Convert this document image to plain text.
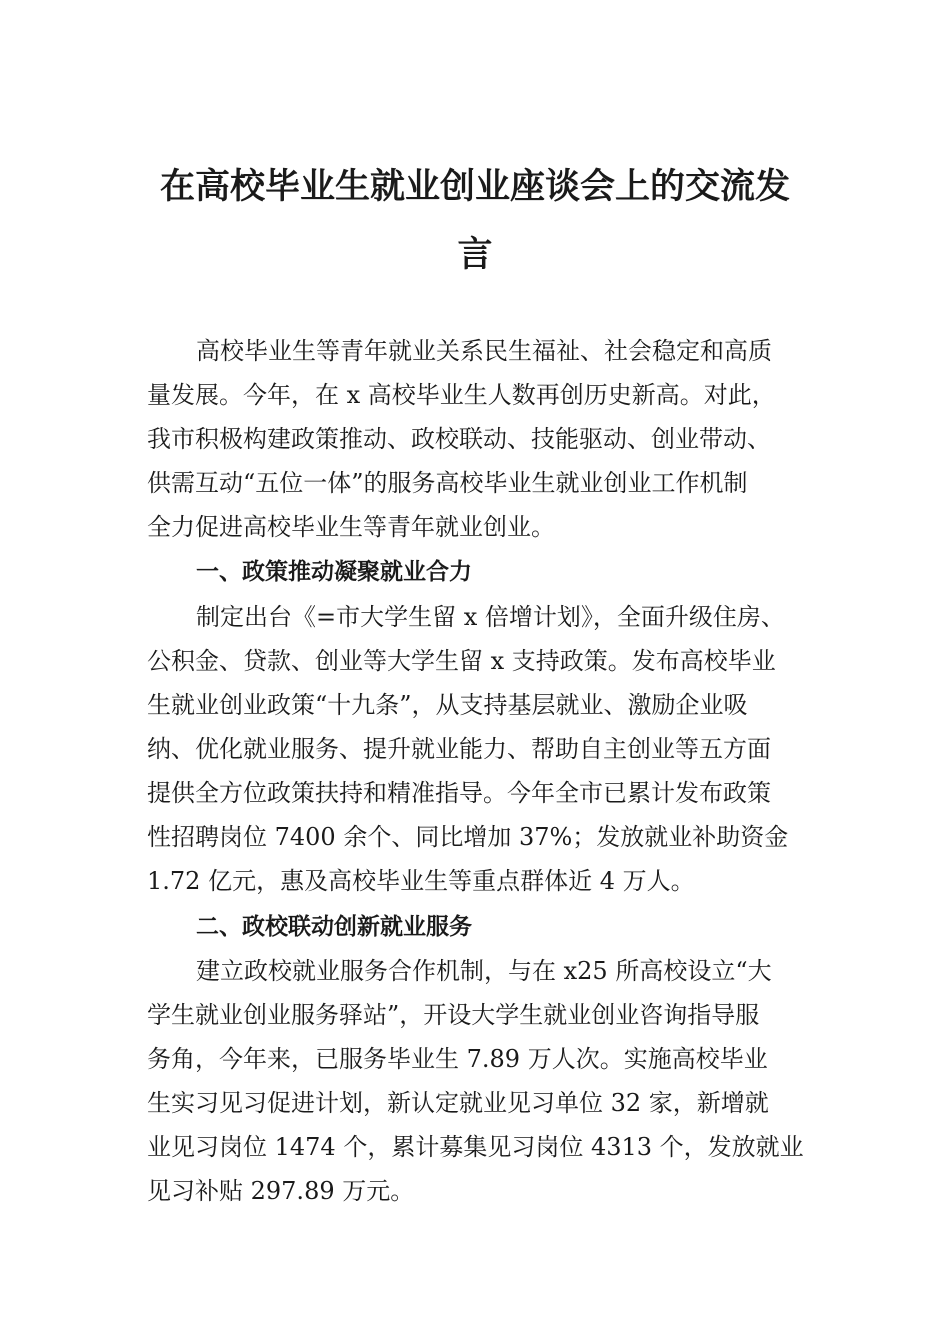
在高校毕业生就业创业座谈会上的交流发
言

高校毕业生等青年就业关系民生福祉、社会稳定和高质

量发展。今年，在 x 高校毕业生人数再创历史新高。对此，

我市积极构建政策推动、政校联动、技能驱动、创业带动、

供需互动“五位一体”的服务高校毕业生就业创业工作机制

全力促进高校毕业生等青年就业创业。

一、政策推动凝聚就业合力

制定出台《=市大学生留 x 倍增计划》，全面升级住房、

公积金、贷款、创业等大学生留 x 支持政策。发布高校毕业

生就业创业政策“十九条”，从支持基层就业、激励企业吸

纳、优化就业服务、提升就业能力、帮助自主创业等五方面

提供全方位政策扶持和精准指导。今年全市已累计发布政策

性招聘岗位 7400 余个、同比增加 37%；发放就业补助资金

1.72 亿元，惠及高校毕业生等重点群体近 4 万人。

二、政校联动创新就业服务

建立政校就业服务合作机制，与在 x25 所高校设立“大

学生就业创业服务驿站”，开设大学生就业创业咨询指导服

务角，今年来，已服务毕业生 7.89 万人次。实施高校毕业

生实习见习促进计划，新认定就业见习单位 32 家，新增就

业见习岗位 1474 个，累计募集见习岗位 4313 个，发放就业

见习补贴 297.89 万元。
